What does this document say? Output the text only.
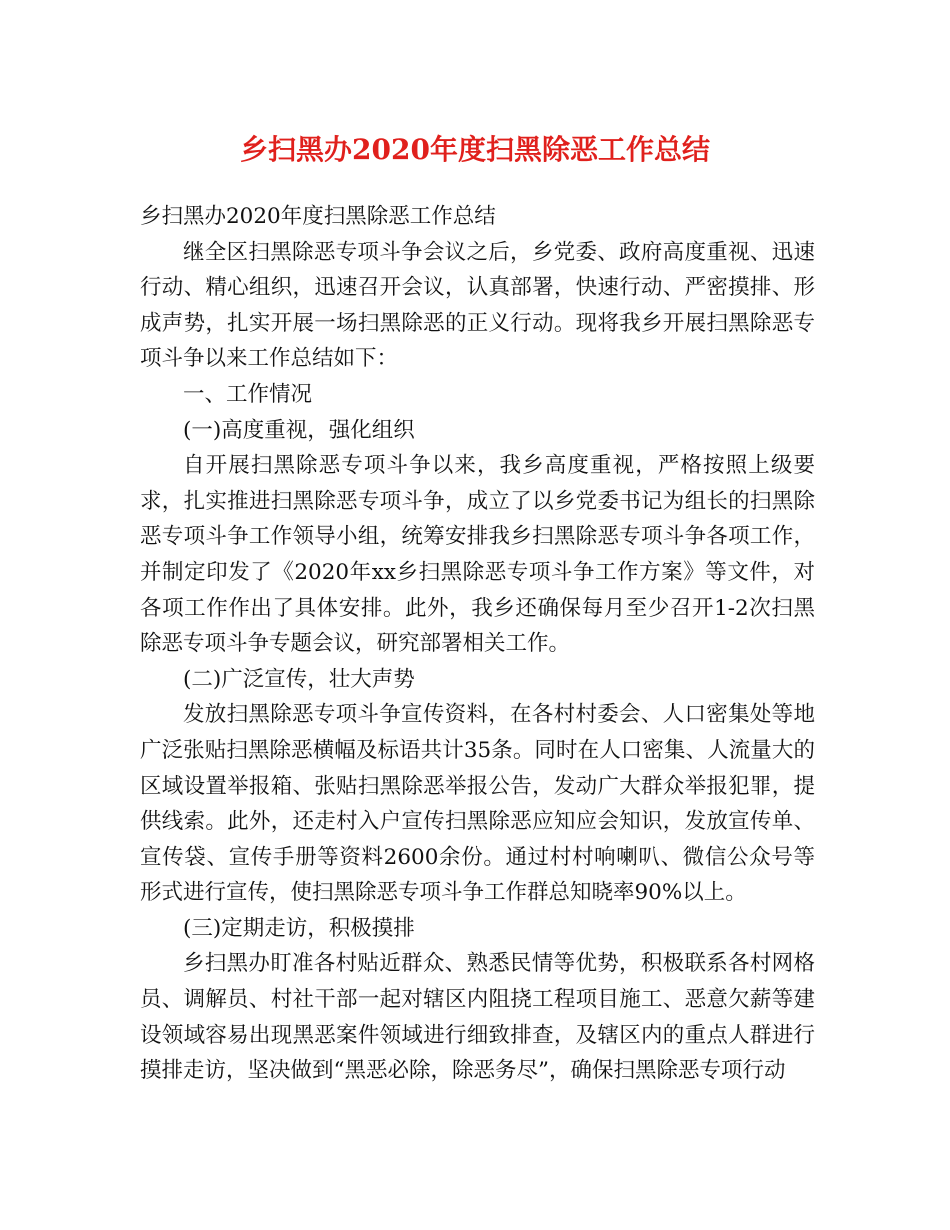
乡扫黑办2020年度扫黑除恶工作总结

乡扫黑办2020年度扫黑除恶工作总结

继全区扫黑除恶专项斗争会议之后，乡党委、政府高度重视、迅速行动、精心组织，迅速召开会议，认真部署，快速行动、严密摸排、形成声势，扎实开展一场扫黑除恶的正义行动。现将我乡开展扫黑除恶专项斗争以来工作总结如下：

一、工作情况

(一)高度重视，强化组织

自开展扫黑除恶专项斗争以来，我乡高度重视，严格按照上级要求，扎实推进扫黑除恶专项斗争，成立了以乡党委书记为组长的扫黑除恶专项斗争工作领导小组，统筹安排我乡扫黑除恶专项斗争各项工作，并制定印发了《2020年xx乡扫黑除恶专项斗争工作方案》等文件，对各项工作作出了具体安排。此外，我乡还确保每月至少召开1-2次扫黑除恶专项斗争专题会议，研究部署相关工作。

(二)广泛宣传，壮大声势

发放扫黑除恶专项斗争宣传资料，在各村村委会、人口密集处等地广泛张贴扫黑除恶横幅及标语共计35条。同时在人口密集、人流量大的区域设置举报箱、张贴扫黑除恶举报公告，发动广大群众举报犯罪，提供线索。此外，还走村入户宣传扫黑除恶应知应会知识，发放宣传单、宣传袋、宣传手册等资料2600余份。通过村村响喇叭、微信公众号等形式进行宣传，使扫黑除恶专项斗争工作群总知晓率90%以上。

(三)定期走访，积极摸排

乡扫黑办盯准各村贴近群众、熟悉民情等优势，积极联系各村网格员、调解员、村社干部一起对辖区内阻挠工程项目施工、恶意欠薪等建设领域容易出现黑恶案件领域进行细致排查，及辖区内的重点人群进行摸排走访，坚决做到“黑恶必除，除恶务尽”，确保扫黑除恶专项行动
